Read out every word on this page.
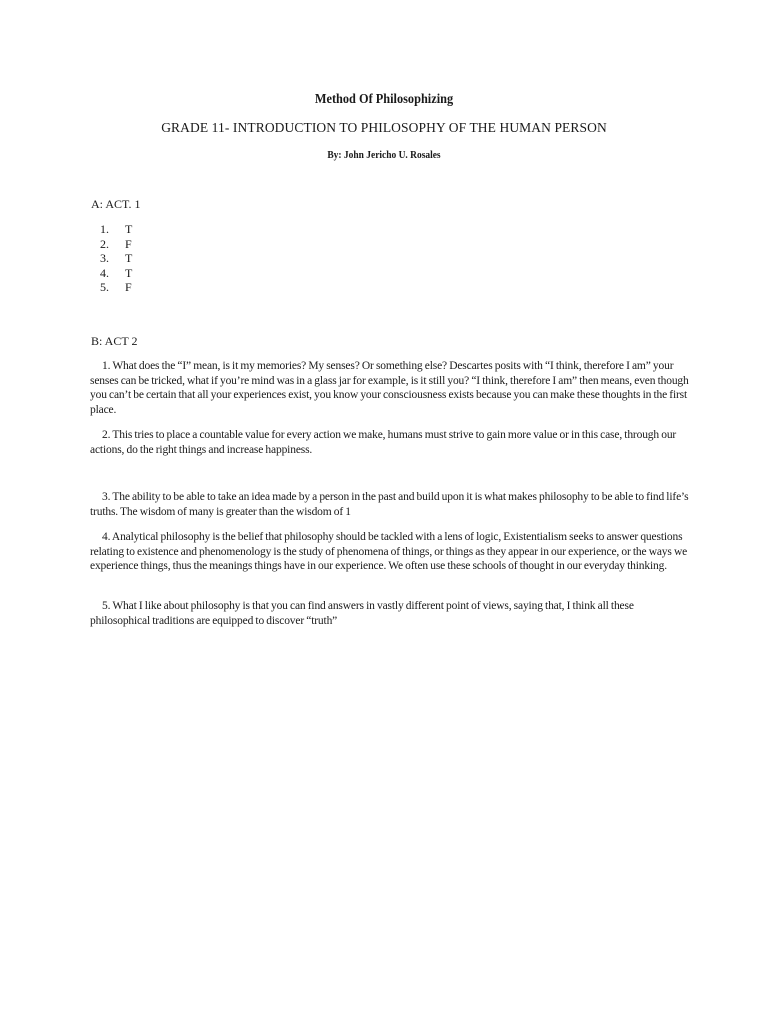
Method Of Philosophizing
GRADE 11- INTRODUCTION TO PHILOSOPHY OF THE HUMAN PERSON
By: John Jericho U. Rosales
A: ACT. 1
1.	T
2.	F
3.	T
4.	T
5.	F
B: ACT 2

1. What does the “I” mean, is it my memories? My senses? Or something else? Descartes posits with “I think, therefore I am” your senses can be tricked, what if you’re mind was in a glass jar for example, is it still you? “I think, therefore I am” then means, even though you can’t be certain that all your experiences exist, you know your consciousness exists because you can make these thoughts in the first place.

2. This tries to place a countable value for every action we make, humans must strive to gain more value or in this case, through our actions, do the right things and increase happiness.

3. The ability to be able to take an idea made by a person in the past and build upon it is what makes philosophy to be able to find life’s truths. The wisdom of many is greater than the wisdom of 1

4. Analytical philosophy is the belief that philosophy should be tackled with a lens of logic, Existentialism seeks to answer questions relating to existence and phenomenology is the study of phenomena of things, or things as they appear in our experience, or the ways we experience things, thus the meanings things have in our experience. We often use these schools of thought in our everyday thinking.

5. What I like about philosophy is that you can find answers in vastly different point of views, saying that, I think all these philosophical traditions are equipped to discover “truth”
